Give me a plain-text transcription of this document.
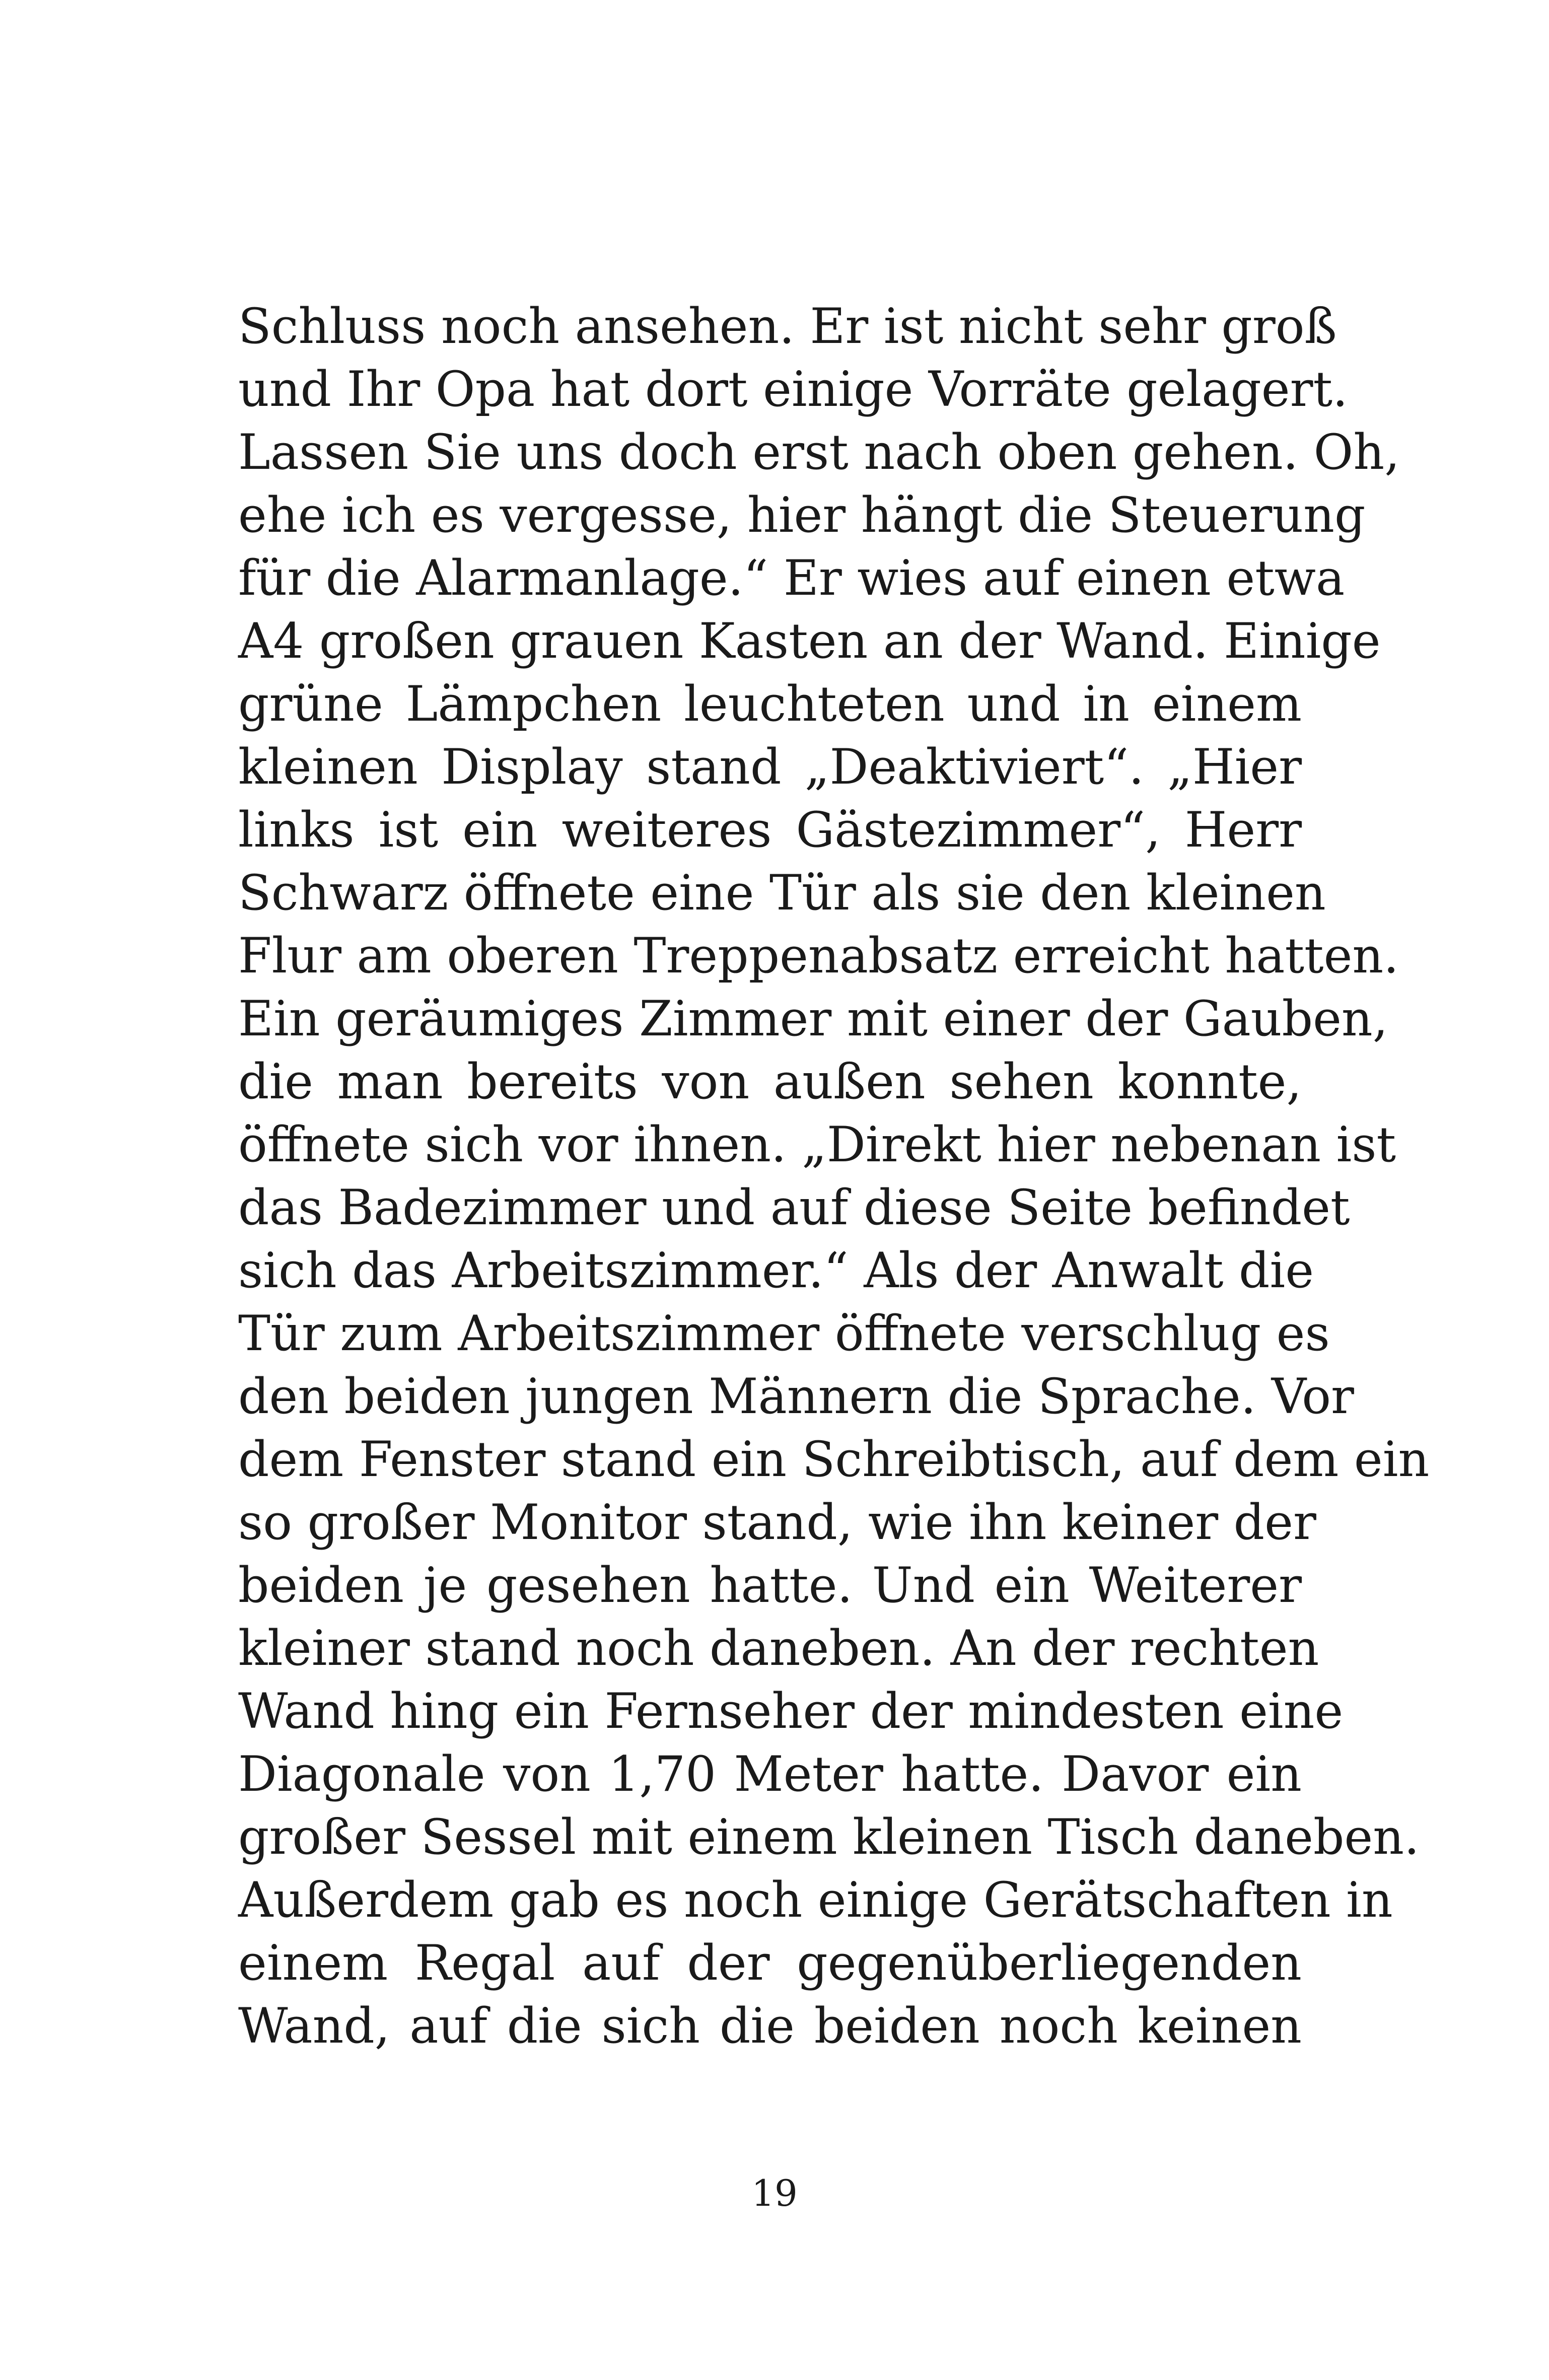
Schluss noch ansehen. Er ist nicht sehr groß
und Ihr Opa hat dort einige Vorräte gelagert.
Lassen Sie uns doch erst nach oben gehen. Oh,
ehe ich es vergesse, hier hängt die Steuerung
für die Alarmanlage.“ Er wies auf einen etwa
A4 großen grauen Kasten an der Wand. Einige
grüne Lämpchen leuchteten und in einem
kleinen Display stand „Deaktiviert“. „Hier
links ist ein weiteres Gästezimmer“, Herr
Schwarz öffnete eine Tür als sie den kleinen
Flur am oberen Treppenabsatz erreicht hatten.
Ein geräumiges Zimmer mit einer der Gauben,
die man bereits von außen sehen konnte,
öffnete sich vor ihnen. „Direkt hier nebenan ist
das Badezimmer und auf diese Seite befindet
sich das Arbeitszimmer.“ Als der Anwalt die
Tür zum Arbeitszimmer öffnete verschlug es
den beiden jungen Männern die Sprache. Vor
dem Fenster stand ein Schreibtisch, auf dem ein
so großer Monitor stand, wie ihn keiner der
beiden je gesehen hatte. Und ein Weiterer
kleiner stand noch daneben. An der rechten
Wand hing ein Fernseher der mindesten eine
Diagonale von 1,70 Meter hatte. Davor ein
großer Sessel mit einem kleinen Tisch daneben.
Außerdem gab es noch einige Gerätschaften in
einem Regal auf der gegenüberliegenden
Wand, auf die sich die beiden noch keinen
19
